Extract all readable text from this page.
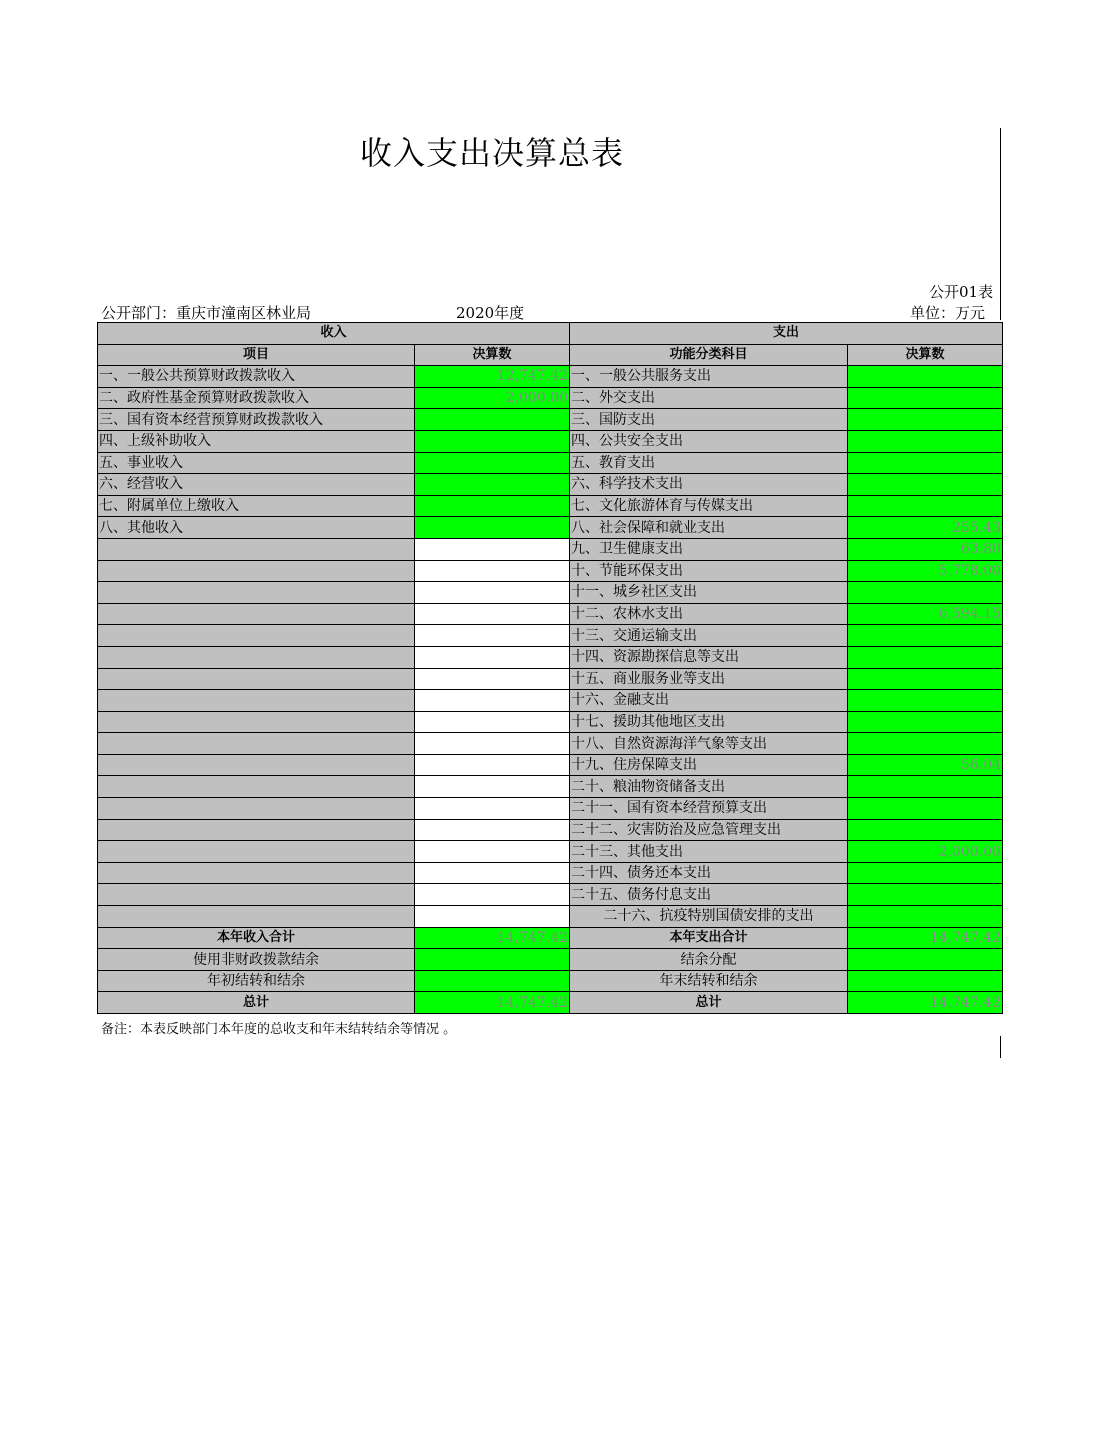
收入支出决算总表
公开01表
公开部门：重庆市潼南区林业局	2020年度	单位：万元
收入		支出	
项目	决算数	功能分类科目	决算数
一、一般公共预算财政拨款收入	12,747.42	一、一般公共服务支出	
二、政府性基金预算财政拨款收入	2,000.00	二、外交支出	
三、国有资本经营预算财政拨款收入		三、国防支出	
四、上级补助收入		四、公共安全支出	
五、事业收入		五、教育支出	
六、经营收入		六、科学技术支出	
七、附属单位上缴收入		七、文化旅游体育与传媒支出	
八、其他收入		八、社会保障和就业支出	255.43
		九、卫生健康支出	63.80
		十、节能环保支出	5,778.00
		十一、城乡社区支出	
		十二、农林水支出	6,594.15
		十三、交通运输支出	
		十四、资源勘探信息等支出	
		十五、商业服务业等支出	
		十六、金融支出	
		十七、援助其他地区支出	
		十八、自然资源海洋气象等支出	
		十九、住房保障支出	56.04
		二十、粮油物资储备支出	
		二十一、国有资本经营预算支出	
		二十二、灾害防治及应急管理支出	
		二十三、其他支出	2,000.00
		二十四、债务还本支出	
		二十五、债务付息支出	
		二十六、抗疫特别国债安排的支出	
本年收入合计	14,747.42	本年支出合计	14,747.42
使用非财政拨款结余		结余分配	
年初结转和结余		年末结转和结余	
总计	14,747.42	总计	14,747.42
备注：本表反映部门本年度的总收支和年末结转结余等情况 。
